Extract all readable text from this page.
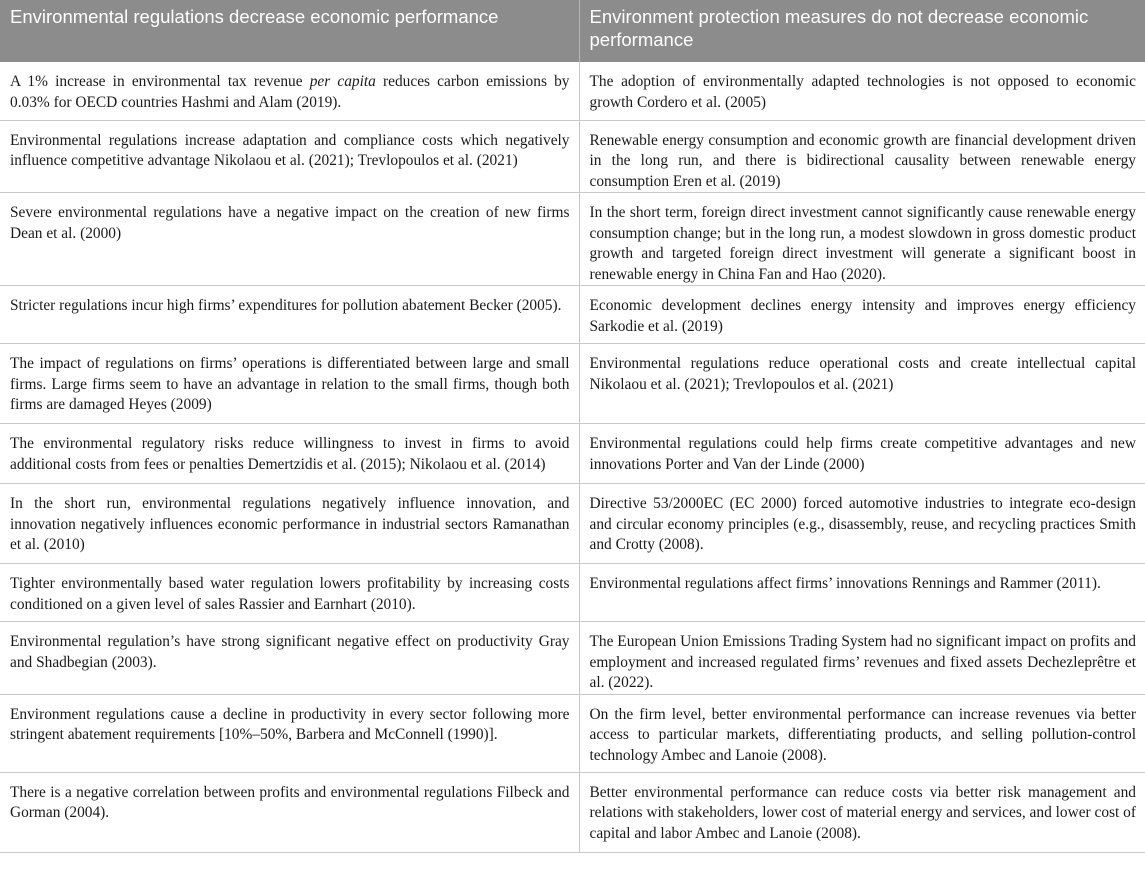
Environmental regulations decrease economic performance	Environment protection measures do not decrease economic performance
A 1% increase in environmental tax revenue per capita reduces carbon emissions by 0.03% for OECD countries Hashmi and Alam (2019).	The adoption of environmentally adapted technologies is not opposed to economic growth Cordero et al. (2005)
Environmental regulations increase adaptation and compliance costs which negatively influence competitive advantage Nikolaou et al. (2021); Trevlopoulos et al. (2021)	Renewable energy consumption and economic growth are financial development driven in the long run, and there is bidirectional causality between renewable energy consumption Eren et al. (2019)
Severe environmental regulations have a negative impact on the creation of new firms Dean et al. (2000)	In the short term, foreign direct investment cannot significantly cause renewable energy consumption change; but in the long run, a modest slowdown in gross domestic product growth and targeted foreign direct investment will generate a significant boost in renewable energy in China Fan and Hao (2020).
Stricter regulations incur high firms’ expenditures for pollution abatement Becker (2005).	Economic development declines energy intensity and improves energy efficiency Sarkodie et al. (2019)
The impact of regulations on firms’ operations is differentiated between large and small firms. Large firms seem to have an advantage in relation to the small firms, though both firms are damaged Heyes (2009)	Environmental regulations reduce operational costs and create intellectual capital Nikolaou et al. (2021); Trevlopoulos et al. (2021)
The environmental regulatory risks reduce willingness to invest in firms to avoid additional costs from fees or penalties Demertzidis et al. (2015); Nikolaou et al. (2014)	Environmental regulations could help firms create competitive advantages and new innovations Porter and Van der Linde (2000)
In the short run, environmental regulations negatively influence innovation, and innovation negatively influences economic performance in industrial sectors Ramanathan et al. (2010)	Directive 53/2000EC (EC 2000) forced automotive industries to integrate eco-design and circular economy principles (e.g., disassembly, reuse, and recycling practices Smith and Crotty (2008).
Tighter environmentally based water regulation lowers profitability by increasing costs conditioned on a given level of sales Rassier and Earnhart (2010).	Environmental regulations affect firms’ innovations Rennings and Rammer (2011).
Environmental regulation’s have strong significant negative effect on productivity Gray and Shadbegian (2003).	The European Union Emissions Trading System had no significant impact on profits and employment and increased regulated firms’ revenues and fixed assets Dechezleprêtre et al. (2022).
Environment regulations cause a decline in productivity in every sector following more stringent abatement requirements [10%–50%, Barbera and McConnell (1990)].	On the firm level, better environmental performance can increase revenues via better access to particular markets, differentiating products, and selling pollution-control technology Ambec and Lanoie (2008).
There is a negative correlation between profits and environmental regulations Filbeck and Gorman (2004).	Better environmental performance can reduce costs via better risk management and relations with stakeholders, lower cost of material energy and services, and lower cost of capital and labor Ambec and Lanoie (2008).
